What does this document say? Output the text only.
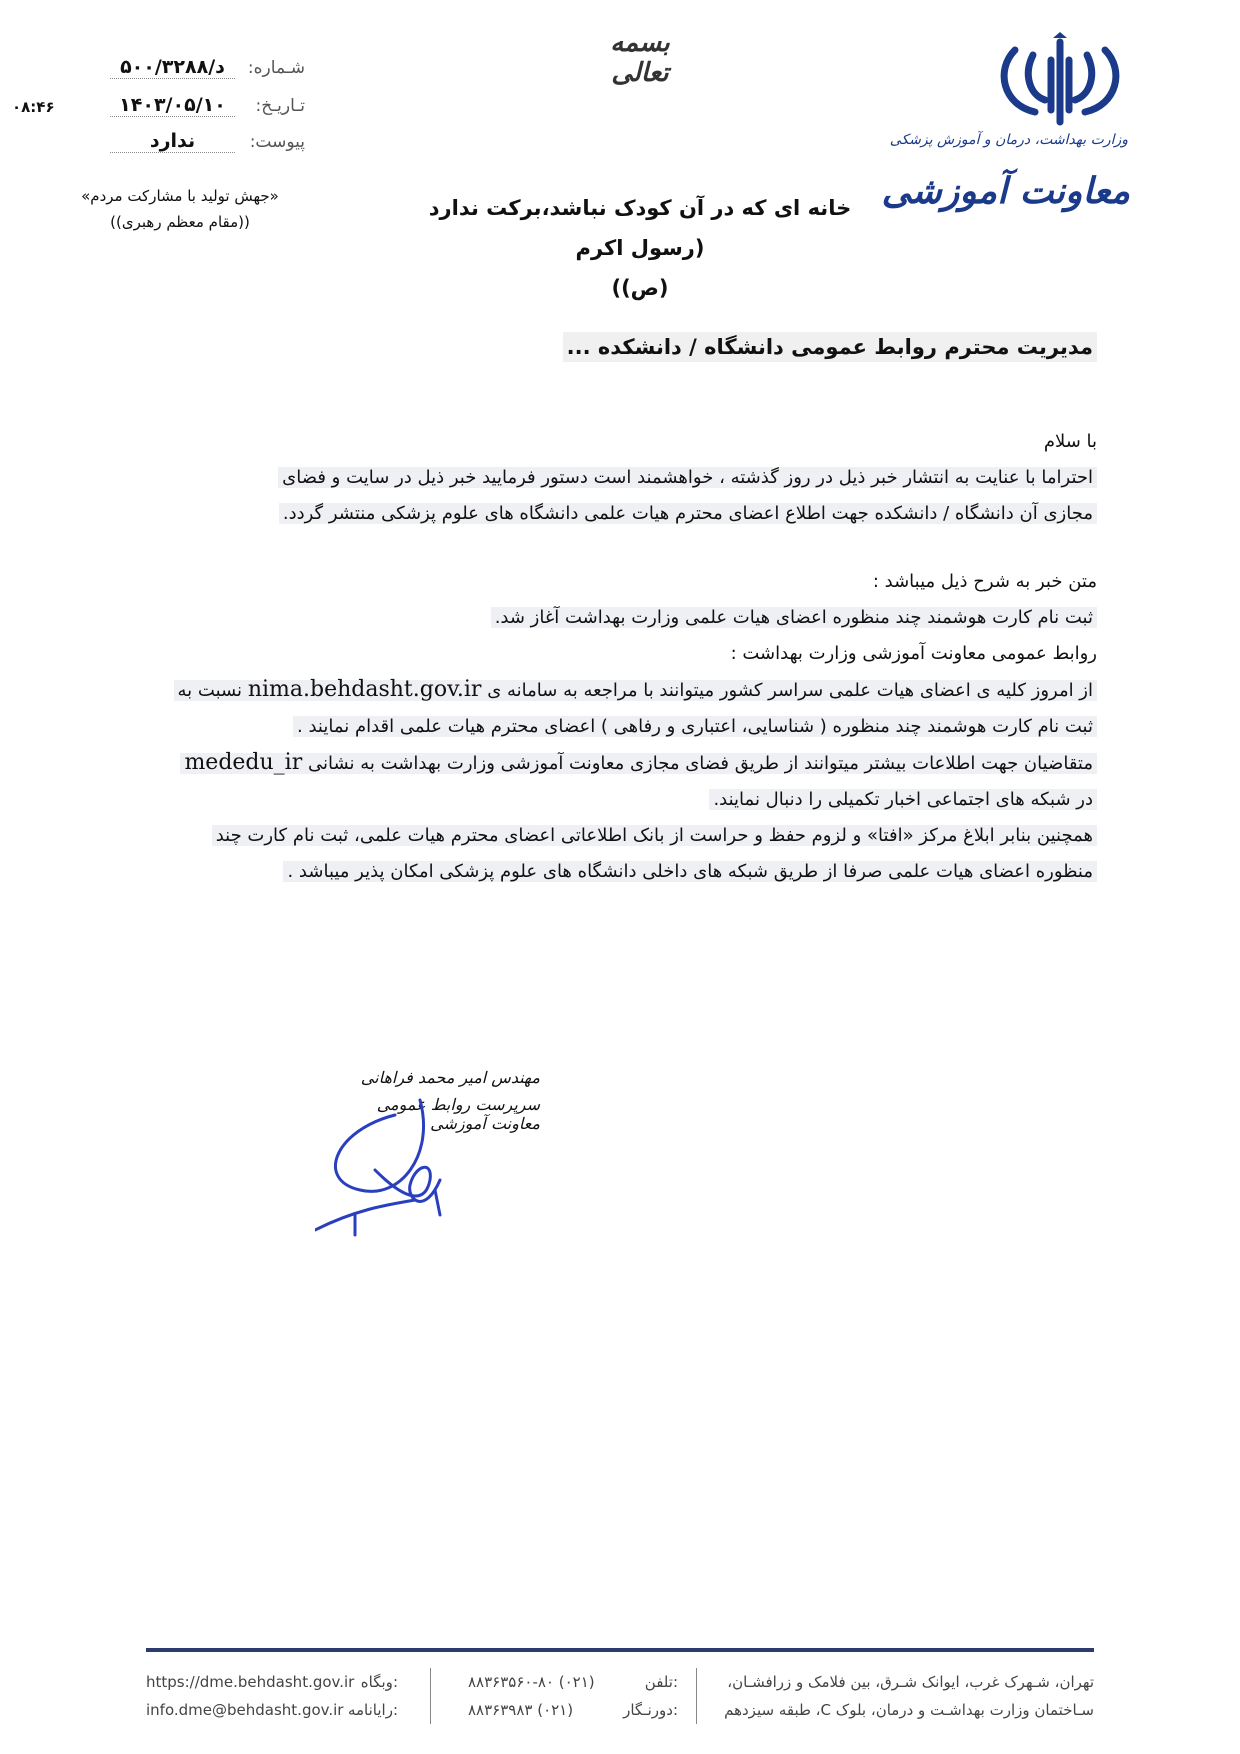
وزارت بهداشت، درمان و آموزش پزشکی
معاونت آموزشی
بسمه تعالی
شـماره:
د/۵۰۰/۳۲۸۸
تـاریـخ:
۱۴۰۳/۰۵/۱۰
پیوست:
ندارد
۰۸:۴۶
«جهش تولید با مشارکت مردم»
((مقام معظم رهبری))
خانه ای که در آن کودک نباشد،برکت ندارد (رسول اکرم
(ص))
مدیریت محترم روابط عمومی دانشگاه / دانشکده ...
با سلام
احتراما با عنایت به انتشار خبر ذیل در روز گذشته ، خواهشمند است دستور فرمایید خبر ذیل در سایت و فضای
مجازی آن دانشگاه / دانشکده جهت اطلاع اعضای محترم هیات علمی دانشگاه های علوم پزشکی منتشر گردد.
متن خبر به شرح ذیل میباشد :
ثبت نام کارت هوشمند چند منظوره اعضای هیات علمی وزارت بهداشت آغاز شد.
روابط عمومی معاونت آموزشی وزارت بهداشت :
از امروز کلیه ی اعضای هیات علمی سراسر کشور میتوانند با مراجعه به سامانه ی nima.behdasht.gov.ir نسبت به
ثبت نام کارت هوشمند چند منظوره ( شناسایی، اعتباری و رفاهی ) اعضای محترم هیات علمی اقدام نمایند .
متقاضیان جهت اطلاعات بیشتر میتوانند از طریق فضای مجازی معاونت آموزشی وزارت بهداشت به نشانی mededu_ir
در شبکه های اجتماعی اخبار تکمیلی را دنبال نمایند.
همچنین بنابر ابلاغ مرکز «افتا» و لزوم حفظ و حراست از بانک اطلاعاتی اعضای محترم هیات علمی، ثبت نام کارت چند
منظوره اعضای هیات علمی صرفا از طریق شبکه های داخلی دانشگاه های علوم پزشکی امکان پذیر میباشد .
مهندس امیر محمد فراهانی
سرپرست روابط عمومی معاونت آموزشی
تهران، شـهرک غرب، ایوانک شـرق، بین فلامک و زرافشـان،
سـاختمان وزارت بهداشـت و درمان، بلوک C، طبقه سیزدهم
۸۸۳۶۳۵۶۰-۸۰ (۰۲۱)	تلفن:
۸۸۳۶۳۹۸۳ (۰۲۱)	دورنـگار:
https://dme.behdasht.gov.ir وبگاه:
info.dme@behdasht.gov.ir رایانامه:
